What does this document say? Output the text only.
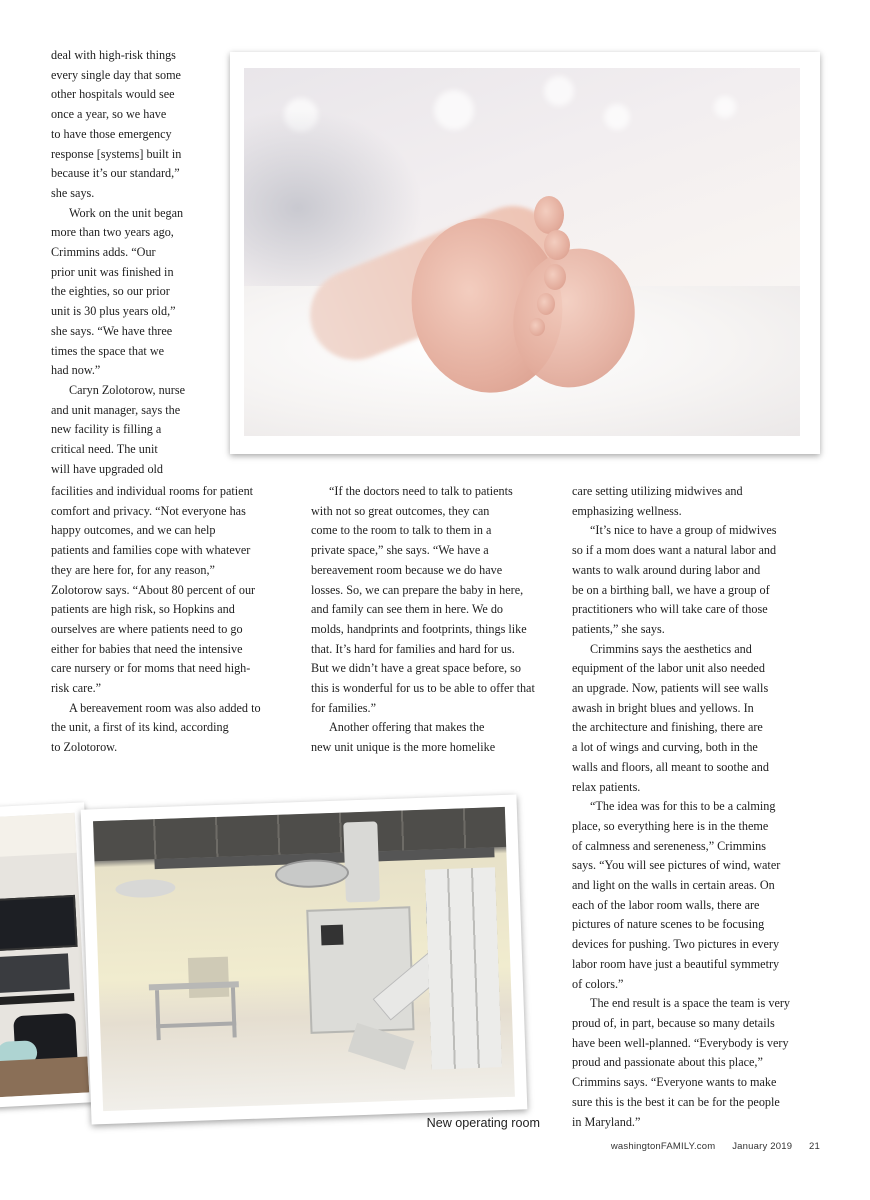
deal with high-risk things

every single day that some

other hospitals would see

once a year, so we have

to have those emergency

response [systems] built in

because it’s our standard,”

she says.

Work on the unit began

more than two years ago,

Crimmins adds. “Our

prior unit was finished in

the eighties, so our prior

unit is 30 plus years old,”

she says. “We have three

times the space that we

had now.”

Caryn Zolotorow, nurse

and unit manager, says the

new facility is filling a

critical need. The unit

will have upgraded old

facilities and individual rooms for patient

comfort and privacy. “Not everyone has

happy outcomes, and we can help

patients and families cope with whatever

they are here for, for any reason,”

Zolotorow says. “About 80 percent of our

patients are high risk, so Hopkins and

ourselves are where patients need to go

either for babies that need the intensive

care nursery or for moms that need high-

risk care.”

A bereavement room was also added to

the unit, a first of its kind, according

to Zolotorow.

“If the doctors need to talk to patients

with not so great outcomes, they can

come to the room to talk to them in a

private space,” she says. “We have a

bereavement room because we do have

losses. So, we can prepare the baby in here,

and family can see them in here. We do

molds, handprints and footprints, things like

that. It’s hard for families and hard for us.

But we didn’t have a great space before, so

this is wonderful for us to be able to offer that

for families.”

Another offering that makes the

new unit unique is the more homelike

care setting utilizing midwives and

emphasizing wellness.

“It’s nice to have a group of midwives

so if a mom does want a natural labor and

wants to walk around during labor and

be on a birthing ball, we have a group of

practitioners who will take care of those

patients,” she says.

Crimmins says the aesthetics and

equipment of the labor unit also needed

an upgrade. Now, patients will see walls

awash in bright blues and yellows. In

the architecture and finishing, there are

a lot of wings and curving, both in the

walls and floors, all meant to soothe and

relax patients.

“The idea was for this to be a calming

place, so everything here is in the theme

of calmness and sereneness,” Crimmins

says. “You will see pictures of wind, water

and light on the walls in certain areas. On

each of the labor room walls, there are

pictures of nature scenes to be focusing

devices for pushing. Two pictures in every

labor room have just a beautiful symmetry

of colors.”

The end result is a space the team is very

proud of, in part, because so many details

have been well-planned. “Everybody is very

proud and passionate about this place,”

Crimmins says. “Everyone wants to make

sure this is the best it can be for the people

in Maryland.”

New operating room
washingtonFAMILY.com January 2019 21
